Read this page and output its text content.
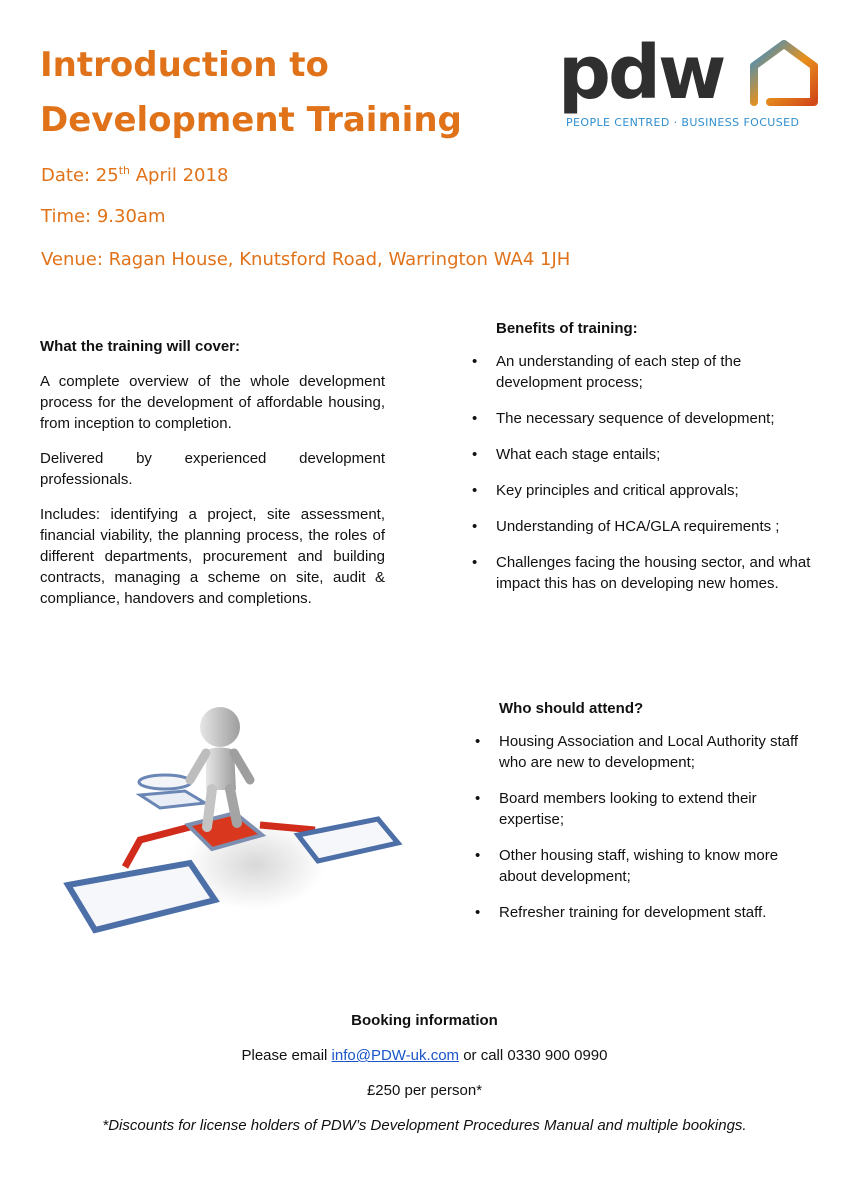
Introduction to
Development Training
pdw
PEOPLE CENTRED · BUSINESS FOCUSED
Date: 25th April 2018
Time: 9.30am
Venue: Ragan House, Knutsford Road, Warrington WA4 1JH
What the training will cover:

A complete overview of the whole development process for the development of affordable housing, from inception to completion.

Delivered by experienced development professionals.

Includes: identifying a project, site assessment, financial viability, the planning process, the roles of different departments, procurement and building contracts, managing a scheme on site, audit & compliance, handovers and completions.

Benefits of training:
• An understanding of each step of the development process;
• The necessary sequence of development;
• What each stage entails;
• Key principles and critical approvals;
• Understanding of HCA/GLA requirements ;
• Challenges facing the housing sector, and what impact this has on developing new homes.
Who should attend?
• Housing Association and Local Authority staff who are new to development;
• Board members looking to extend their expertise;
• Other housing staff, wishing to know more about development;
• Refresher training for development staff.
Booking information
Please email info@PDW-uk.com or call 0330 900 0990
£250 per person*
*Discounts for license holders of PDW’s Development Procedures Manual and multiple bookings.
